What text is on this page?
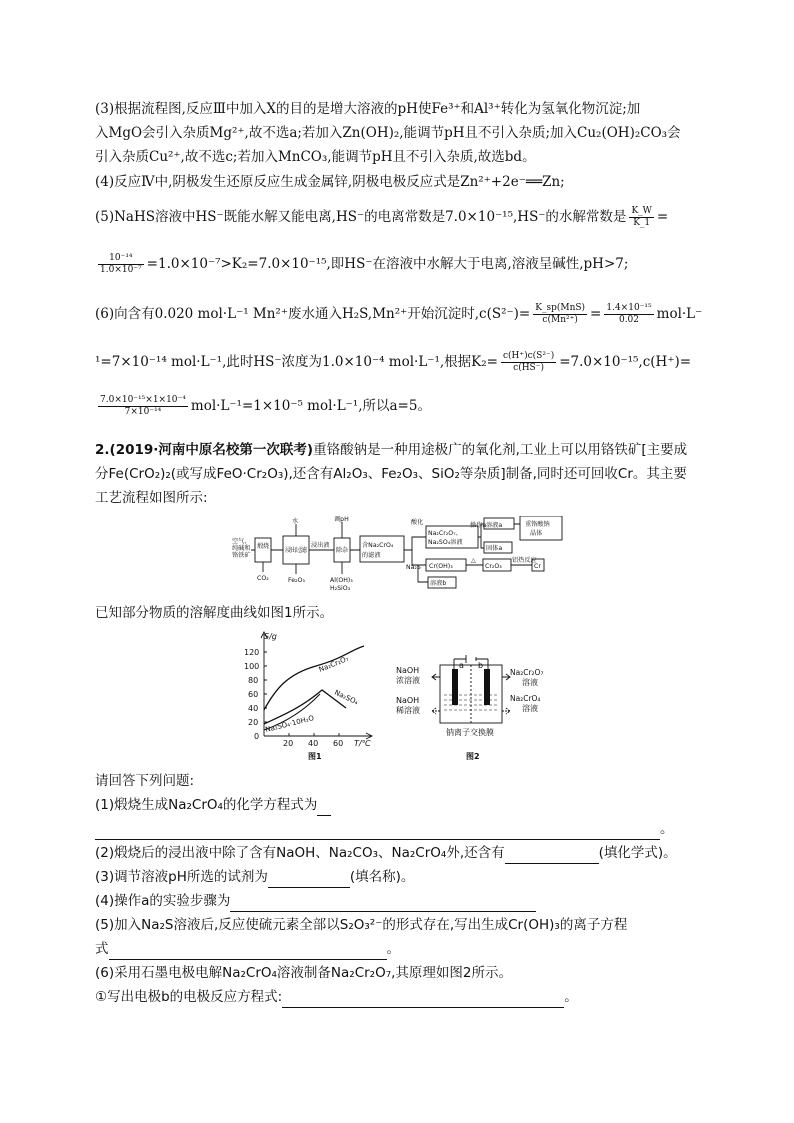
(3)根据流程图,反应Ⅲ中加入X的目的是增大溶液的pH使Fe³⁺和Al³⁺转化为氢氧化物沉淀;加
入MgO会引入杂质Mg²⁺,故不选a;若加入Zn(OH)₂,能调节pH且不引入杂质;加入Cu₂(OH)₂CO₃会
引入杂质Cu²⁺,故不选c;若加入MnCO₃,能调节pH且不引入杂质,故选bd。
(4)反应Ⅳ中,阴极发生还原反应生成金属锌,阴极电极反应式是Zn²⁺+2e⁻══Zn;
(5)NaHS溶液中HS⁻既能水解又能电离,HS⁻的电离常数是7.0×10⁻¹⁵,HS⁻的水解常数是 $\frac{K\_W}{K\_1}$ =
$\frac{\text{10⁻¹⁴}}{\text{1.0×10⁻⁷}} =1.0\times 10^{-7}>K_2=7.0\times 10^{-15}$,即HS⁻在溶液中水解大于电离,溶液呈碱性,pH>7;
(6)向含有0.020 mol·L⁻¹ Mn²⁺废水通入H₂S,Mn²⁺开始沉淀时$,c(S^{2-})= \frac{\text{K\_sp(MnS)}}{\text{c(Mn²⁺)}} = \frac{\text{1.4×10⁻¹⁵}}{0.02} mol\cdot L^-$
¹=7×10⁻¹⁴ mol·L⁻¹,此时HS⁻浓度为1.0×10⁻⁴ mol·L⁻¹,根据$K_2= \frac{\text{c(H⁺)c(S²⁻)}}{c(HS^-)} =7.0\times 10^{-15},c(H^+)=$
$\frac{\text{7.0×10⁻¹⁵×1×10⁻⁴}}{\text{7×10⁻¹⁴}} mol\cdot L^{-1}=1\times 10^{-5}$ mol·L⁻¹,所以a=5。
2.(2019·河南中原名校第一次联考)重铬酸钠是一种用途极广的氧化剂,工业上可以用铬铁矿[主要成
分Fe(CrO₂)₂(或写成FeO·Cr₂O₃),还含有Al₂O₃、Fe₂O₃、SiO₂等杂质]制备,同时还可回收Cr。其主要
工艺流程如图所示:
空气、
纯碱和
铬铁矿
煅烧
CO₂
水
浸出过滤
Fe₂O₃
浸出液
调pH
除杂
Al(OH)₃
H₂SiO₃
含Na₂CrO₄
的滤液
酸化
Na₂Cr₂O₇、
Na₂SO₄溶液
操作a 溶液a	重铬酸钠
晶体
固体a
Na₂S Cr(OH)₃
△
Cr₂O₃
铝热反应
Cr
溶液b
已知部分物质的溶解度曲线如图1所示。
S/g
120
100
80
60
40
20
0
20 40 60 T/℃
Na₂Cr₂O₇
Na₂SO₄
Na₂SO₄·10H₂O
图1
NaOH
浓溶液
NaOH
稀溶液
Na₂Cr₂O₇
溶液
Na₂CrO₄
溶液
a b
钠离子交换膜
图2
请回答下列问题:
(1)煅烧生成Na₂CrO₄的化学方程式为
。
(2)煅烧后的浸出液中除了含有NaOH、Na₂CO₃、Na₂CrO₄外,还含有	(填化学式)。
(3)调节溶液pH所选的试剂为	(填名称)。
(4)操作a的实验步骤为
(5)加入Na₂S溶液后,反应使硫元素全部以S₂O₃²⁻的形式存在,写出生成Cr(OH)₃的离子方程
式	。
(6)采用石墨电极电解Na₂CrO₄溶液制备Na₂Cr₂O₇,其原理如图2所示。
①写出电极b的电极反应方程式:	。
